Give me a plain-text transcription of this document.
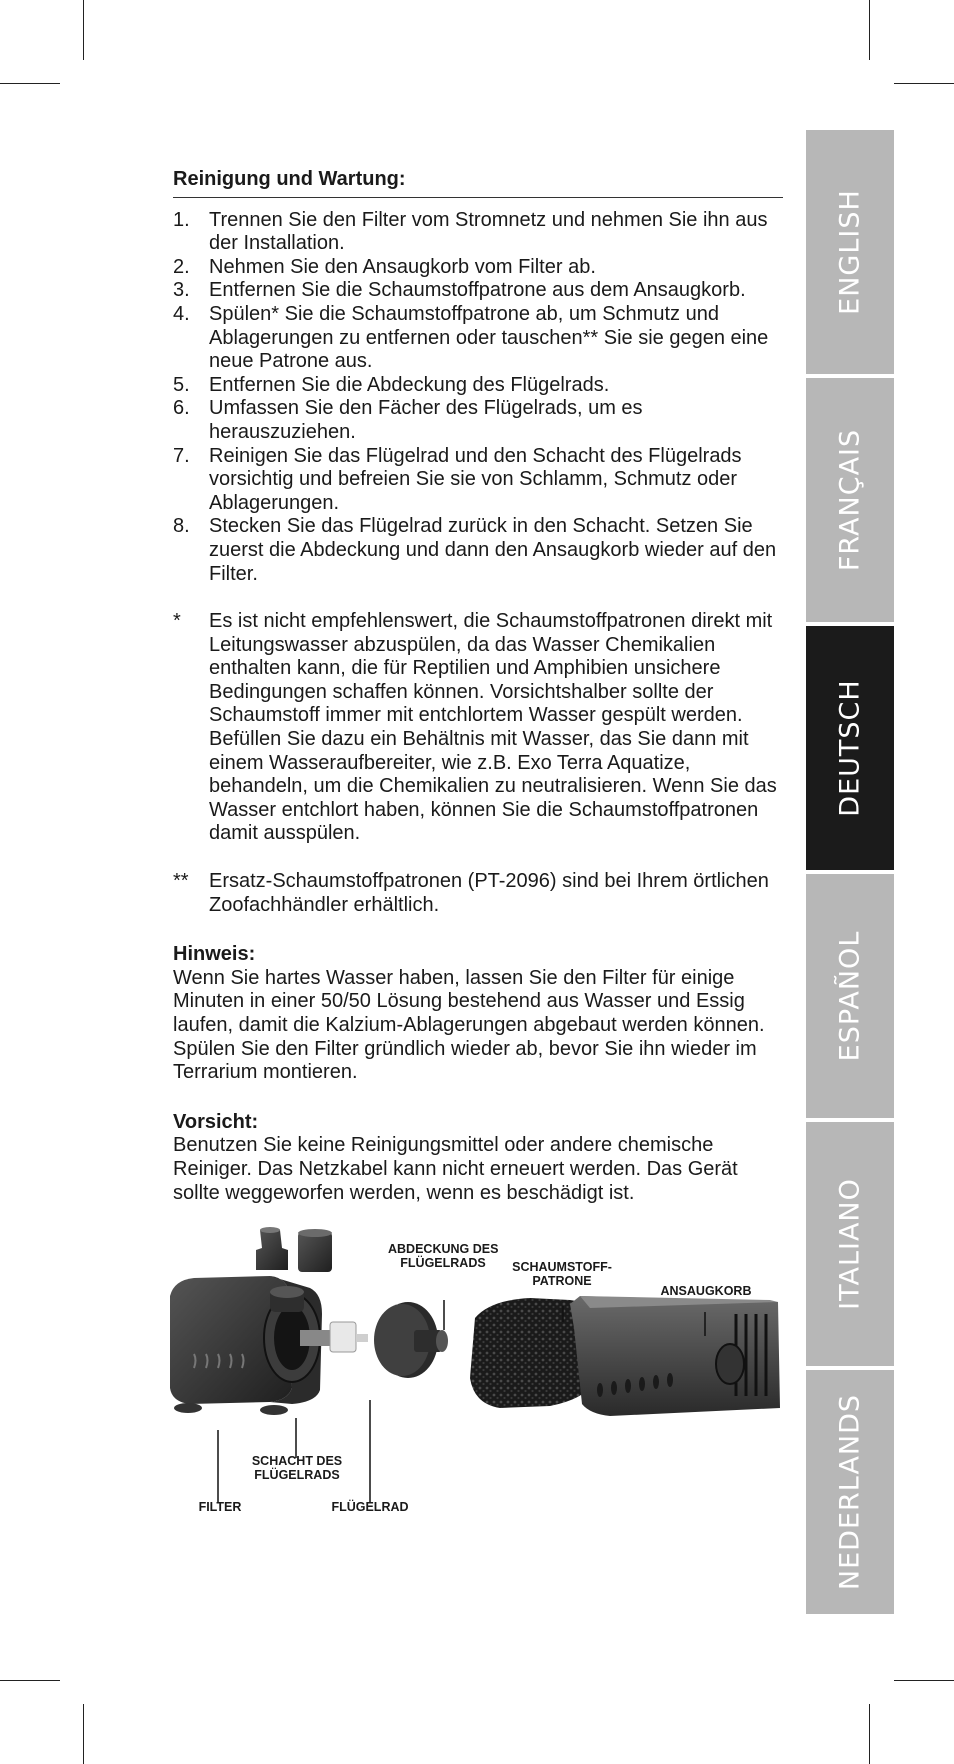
ENGLISH
FRANÇAIS
DEUTSCH
ESPAÑOL
ITALIANO
NEDERLANDS

Reinigung und Wartung:

1. Trennen Sie den Filter vom Stromnetz und nehmen Sie ihn aus der Installation.
2. Nehmen Sie den Ansaugkorb vom Filter ab.
3. Entfernen Sie die Schaumstoffpatrone aus dem Ansaugkorb.
4. Spülen* Sie die Schaumstoffpatrone ab, um Schmutz und Ablagerungen zu entfernen oder tauschen** Sie sie gegen eine neue Patrone aus.
5. Entfernen Sie die Abdeckung des Flügelrads.
6. Umfassen Sie den Fächer des Flügelrads, um es herauszuziehen.
7. Reinigen Sie das Flügelrad und den Schacht des Flügelrads vorsichtig und befreien Sie sie von Schlamm, Schmutz oder Ablagerungen.
8. Stecken Sie das Flügelrad zurück in den Schacht. Setzen Sie zuerst die Abdeckung und dann den Ansaugkorb wieder auf den Filter.
*	Es ist nicht empfehlenswert, die Schaumstoffpatronen direkt mit Leitungswasser abzuspülen, da das Wasser Chemikalien enthalten kann, die für Reptilien und Amphibien unsichere Bedingungen schaffen können. Vorsichtshalber sollte der Schaumstoff immer mit entchlortem Wasser gespült werden. Befüllen Sie dazu ein Behältnis mit Wasser, das Sie dann mit einem Wasseraufbereiter, wie z.B. Exo Terra Aquatize, behandeln, um die Chemikalien zu neutralisieren. Wenn Sie das Wasser entchlort haben, können Sie die Schaumstoffpatronen damit ausspülen.
**	Ersatz-Schaumstoffpatronen (PT-2096) sind bei Ihrem örtlichen Zoofachhändler erhältlich.

Hinweis:

Wenn Sie hartes Wasser haben, lassen Sie den Filter für einige Minuten in einer 50/50 Lösung bestehend aus Wasser und Essig laufen, damit die Kalzium-Ablagerungen abgebaut werden können. Spülen Sie den Filter gründlich wieder ab, bevor Sie ihn wieder im Terrarium montieren.

Vorsicht:

Benutzen Sie keine Reinigungsmittel oder andere chemische Reiniger. Das Netzkabel kann nicht erneuert werden. Das Gerät sollte weggeworfen werden, wenn es beschädigt ist.

ABDECKUNG DES
FLÜGELRADS	SCHAUMSTOFF-
PATRONE
ANSAUGKORB
SCHACHT DES
FLÜGELRADS
FILTER	FLÜGELRAD
